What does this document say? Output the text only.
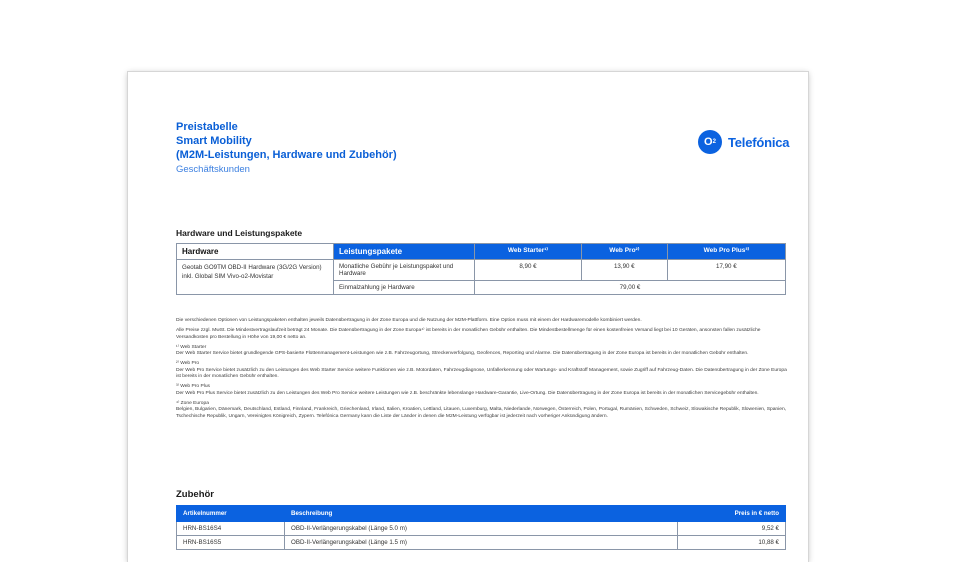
Preistabelle
Smart Mobility
(M2M-Leistungen, Hardware und Zubehör)
Geschäftskunden
O 2 Telefónica
Hardware und Leistungspakete
Hardware	Leistungspakete	Web Starter¹⁾	Web Pro²⁾	Web Pro Plus³⁾
Geotab GO9TM OBD-II Hardware (3G/2G Version) inkl. Global SIM Vivo-o2-Movistar	Monatliche Gebühr je Leistungspaket und Hardware	8,90 €	13,90 €	17,90 €
	Einmalzahlung je Hardware	79,00 €		

Die verschiedenen Optionen von Leistungspaketen enthalten jeweils Datenübertragung in der Zone Europa und die Nutzung der M2M-Plattform. Eine Option muss mit einem der Hardwaremodelle kombiniert werden.

Alle Preise zzgl. MwSt. Die Mindestvertragslaufzeit beträgt 24 Monate. Die Datenübertragung in der Zone Europa⁴⁾ ist bereits in der monatlichen Gebühr enthalten. Die Mindestbestellmenge für einen kostenfreien Versand liegt bei 10 Geräten, ansonsten fallen zusätzliche Versandkosten pro Bestellung in Höhe von 19,00 € netto an.

¹⁾ Web Starter

Der Web Starter Service bietet grundlegende GPS-basierte Flottenmanagement-Leistungen wie z.B. Fahrzeugortung, Streckenverfolgung, Geofences, Reporting und Alarme. Die Datenübertragung in der Zone Europa ist bereits in der monatlichen Gebühr enthalten.

²⁾ Web Pro

Der Web Pro Service bietet zusätzlich zu den Leistungen des Web Starter Service weitere Funktionen wie z.B. Motordaten, Fahrzeugdiagnose, Unfallerkennung oder Wartungs- und Kraftstoff Management, sowie Zugriff auf Fahrzeug-Daten. Die Datenübertragung in der Zone Europa ist bereits in der monatlichen Gebühr enthalten.

³⁾ Web Pro Plus

Der Web Pro Plus Service bietet zusätzlich zu den Leistungen des Web Pro Service weitere Leistungen wie z.B. beschränkte lebenslange Hardware-Garantie, Live-Ortung. Die Datenübertragung in der Zone Europa ist bereits in der monatlichen Servicegebühr enthalten.

⁴⁾ Zone Europa

Belgien, Bulgarien, Dänemark, Deutschland, Estland, Finnland, Frankreich, Griechenland, Irland, Italien, Kroatien, Lettland, Litauen, Luxemburg, Malta, Niederlande, Norwegen, Österreich, Polen, Portugal, Rumänien, Schweden, Schweiz, Slowakische Republik, Slowenien, Spanien, Tschechische Republik, Ungarn, Vereinigtes Königreich, Zypern. Telefónica Germany kann die Liste der Länder in denen die M2M-Leistung verfügbar ist jederzeit nach vorheriger Ankündigung ändern.

Zubehör
Artikelnummer	Beschreibung	Preis in € netto
HRN-BS16S4	OBD-II-Verlängerungskabel (Länge 5.0 m)	9,52 €
HRN-BS16S5	OBD-II-Verlängerungskabel (Länge 1.5 m)	10,88 €
